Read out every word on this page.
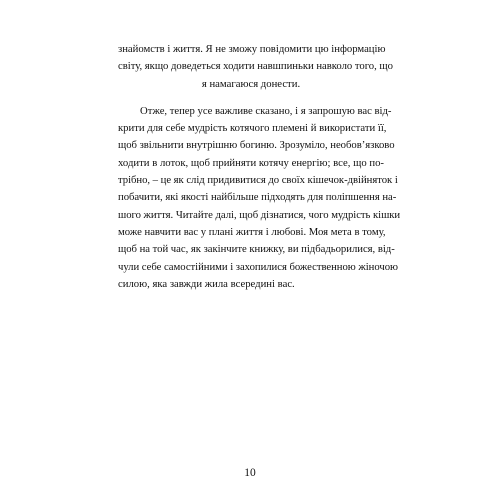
знайомств і життя. Я не зможу повідомити цю інформацію
світу, якщо доведеться ходити навшпиньки навколо того, що
я намагаюся донести.

Отже, тепер усе важливе сказано, і я запрошую вас від-
крити для себе мудрість котячого племені й використати її,
щоб звільнити внутрішню богиню. Зрозуміло, необов’язково
ходити в лоток, щоб прийняти котячу енергію; все, що по-
трібно, – це як слід придивитися до своїх кішечок-двійняток і
побачити, які якості найбільше підходять для поліпшення на-
шого життя. Читайте далі, щоб дізнатися, чого мудрість кішки
може навчити вас у плані життя і любові. Моя мета в тому,
щоб на той час, як закінчите книжку, ви підбадьорилися, від-
чули себе самостійними і захопилися божественною жіночою
силою, яка завжди жила всередині вас.

10
